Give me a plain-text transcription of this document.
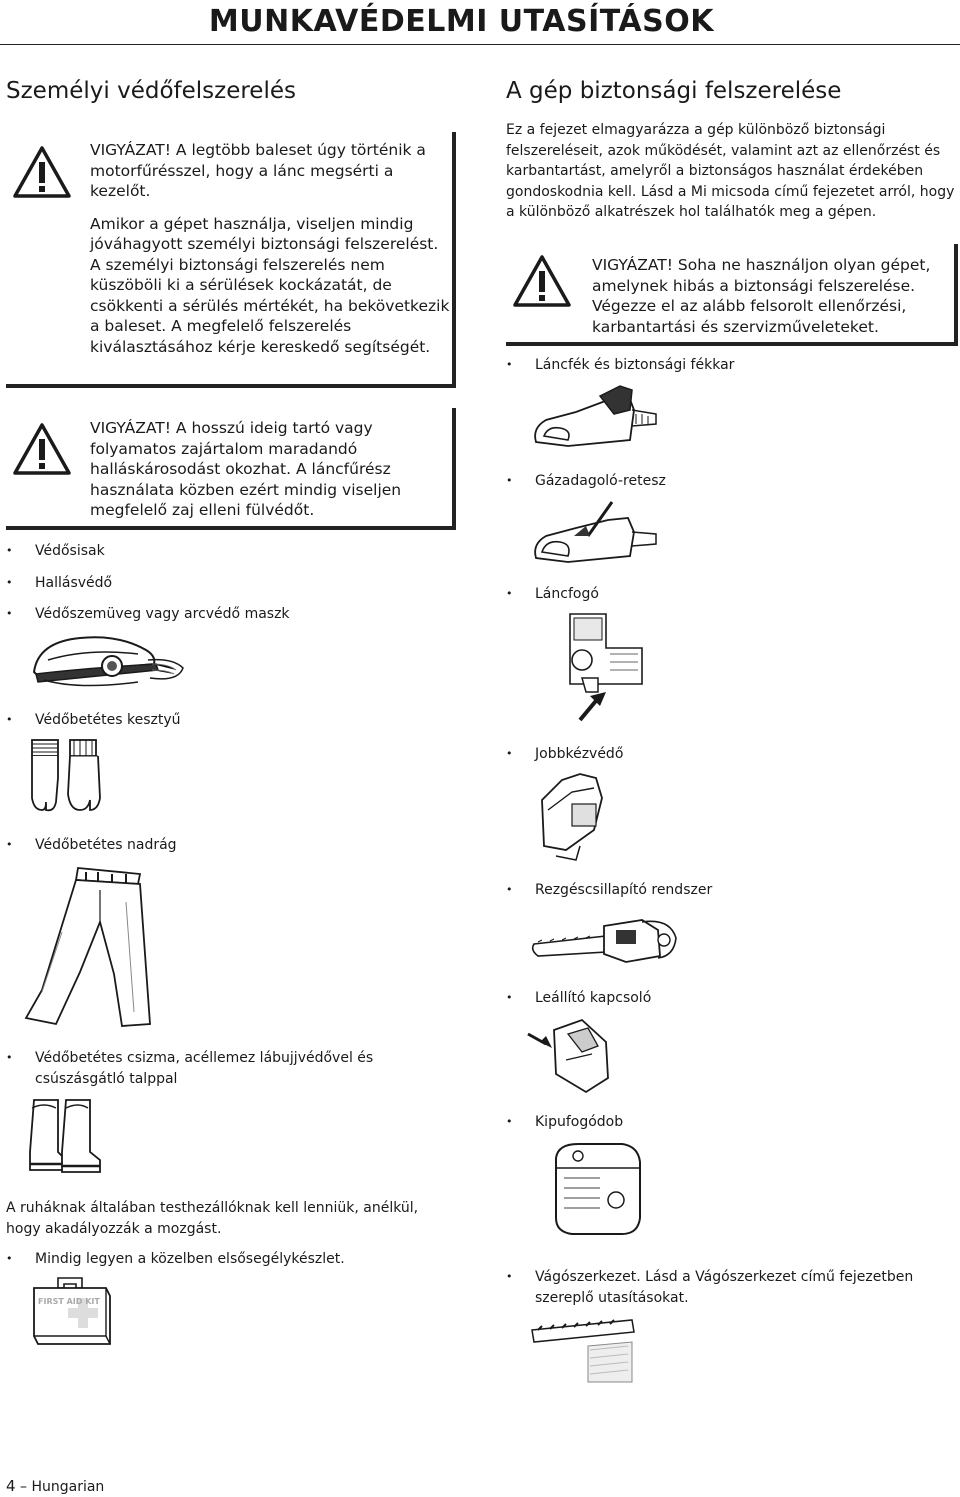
MUNKAVÉDELMI UTASÍTÁSOK
Személyi védőfelszerelés

VIGYÁZAT! A legtöbb baleset úgy történik a motorfűrésszel, hogy a lánc megsérti a kezelőt.

Amikor a gépet használja, viseljen mindig jóváhagyott személyi biztonsági felszerelést. A személyi biztonsági felszerelés nem küszöböli ki a sérülések kockázatát, de csökkenti a sérülés mértékét, ha bekövetkezik a baleset. A megfelelő felszerelés kiválasztásához kérje kereskedő segítségét.

VIGYÁZAT! A hosszú ideig tartó vagy folyamatos zajártalom maradandó halláskárosodást okozhat. A láncfűrész használata közben ezért mindig viseljen megfelelő zaj elleni fülvédőt.
• Védősisak
• Hallásvédő
• Védőszemüveg vagy arcvédő maszk
• Védőbetétes kesztyű
• Védőbetétes nadrág
• Védőbetétes csizma, acéllemez lábujjvédővel és csúszásgátló talppal
A ruháknak általában testhezállóknak kell lenniük, anélkül, hogy akadályozzák a mozgást.
• Mindig legyen a közelben elsősegélykészlet.
FIRST AID KIT
A gép biztonsági felszerelése
Ez a fejezet elmagyarázza a gép különböző biztonsági felszereléseit, azok működését, valamint azt az ellenőrzést és karbantartást, amelyről a biztonságos használat érdekében gondoskodnia kell. Lásd a Mi micsoda című fejezetet arról, hogy a különböző alkatrészek hol találhatók meg a gépen.
VIGYÁZAT! Soha ne használjon olyan gépet, amelynek hibás a biztonsági felszerelése. Végezze el az alább felsorolt ellenőrzési, karbantartási és szervizműveleteket.
• Láncfék és biztonsági fékkar
• Gázadagoló-retesz
• Láncfogó
• Jobbkézvédő
• Rezgéscsillapító rendszer
• Leállító kapcsoló
• Kipufogódob
• Vágószerkezet. Lásd a Vágószerkezet című fejezetben szereplő utasításokat.
4 – Hungarian
